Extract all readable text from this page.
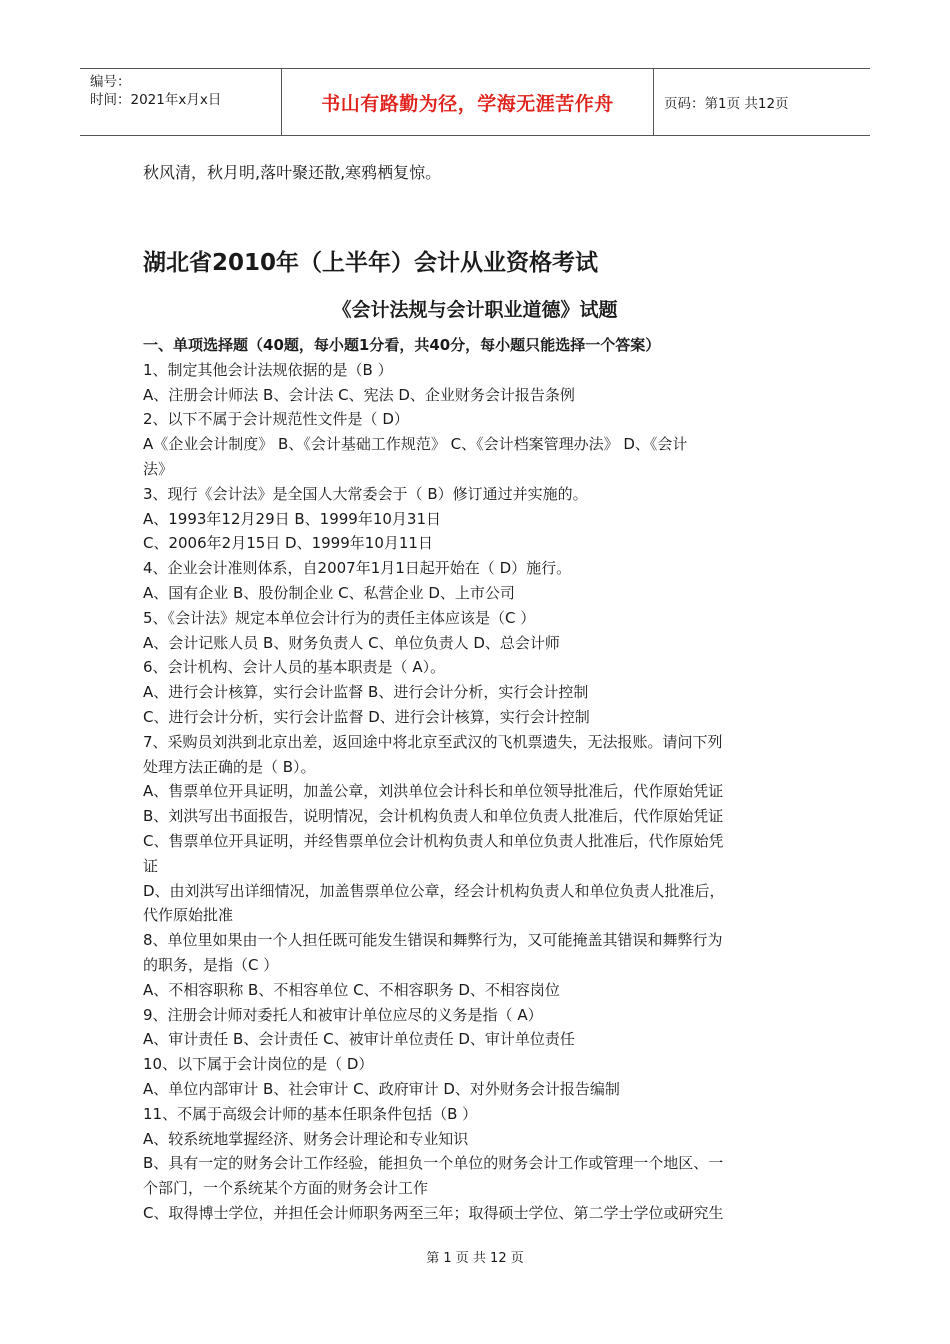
编号：
时间：2021年x月x日	书山有路勤为径，学海无涯苦作舟	页码：第1页 共12页
秋风清，秋月明,落叶聚还散,寒鸦栖复惊。
湖北省2010年（上半年）会计从业资格考试
《会计法规与会计职业道德》试题

一、单项选择题（40题，每小题1分看，共40分，每小题只能选择一个答案）

1、制定其他会计法规依据的是（B ）

A、注册会计师法 B、会计法 C、宪法 D、企业财务会计报告条例

2、以下不属于会计规范性文件是（ D）

A《企业会计制度》 B、《会计基础工作规范》 C、《会计档案管理办法》 D、《会计

法》

3、现行《会计法》是全国人大常委会于（ B）修订通过并实施的。

A、1993年12月29日 B、1999年10月31日

C、2006年2月15日 D、1999年10月11日

4、企业会计准则体系，自2007年1月1日起开始在（ D）施行。

A、国有企业 B、股份制企业 C、私营企业 D、上市公司

5、《会计法》规定本单位会计行为的责任主体应该是（C ）

A、会计记账人员 B、财务负责人 C、单位负责人 D、总会计师

6、会计机构、会计人员的基本职责是（ A）。

A、进行会计核算，实行会计监督 B、进行会计分析，实行会计控制

C、进行会计分析，实行会计监督 D、进行会计核算，实行会计控制

7、采购员刘洪到北京出差，返回途中将北京至武汉的飞机票遗失，无法报账。请问下列

处理方法正确的是（ B）。

A、售票单位开具证明，加盖公章，刘洪单位会计科长和单位领导批准后，代作原始凭证

B、刘洪写出书面报告，说明情况，会计机构负责人和单位负责人批准后，代作原始凭证

C、售票单位开具证明，并经售票单位会计机构负责人和单位负责人批准后，代作原始凭

证

D、由刘洪写出详细情况，加盖售票单位公章，经会计机构负责人和单位负责人批准后，

代作原始批准

8、单位里如果由一个人担任既可能发生错误和舞弊行为，又可能掩盖其错误和舞弊行为

的职务，是指（C ）

A、不相容职称 B、不相容单位 C、不相容职务 D、不相容岗位

9、注册会计师对委托人和被审计单位应尽的义务是指（ A）

A、审计责任 B、会计责任 C、被审计单位责任 D、审计单位责任

10、以下属于会计岗位的是（ D）

A、单位内部审计 B、社会审计 C、政府审计 D、对外财务会计报告编制

11、不属于高级会计师的基本任职条件包括（B ）

A、较系统地掌握经济、财务会计理论和专业知识

B、具有一定的财务会计工作经验，能担负一个单位的财务会计工作或管理一个地区、一

个部门，一个系统某个方面的财务会计工作

C、取得博士学位，并担任会计师职务两至三年；取得硕士学位、第二学士学位或研究生

第 1 页 共 12 页
